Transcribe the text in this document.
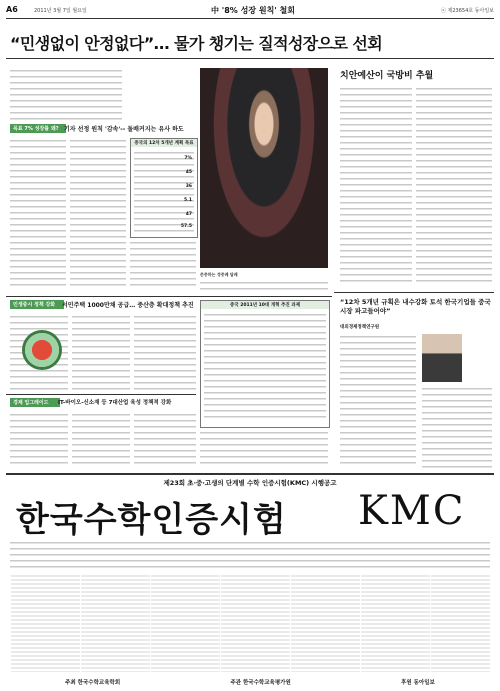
A6	2011년 3월 7일 월요일	中 '8% 성장 원칙' 철회	ⓐ 제23654호 동아일보
“민생없이 안정없다”… 물가 챙기는 질적성장으로 선회
목표 7% 성장률 왜? 기자 선정 원칙 '감속'-- 돌배커지는 유사 하도
중국의 12차 5개년 계획 목표
7%
45
36
5.1
47
57.5
존중하는 정중례 답례
치안예산이 국방비 추월
민생중시 정책 강화	서민주택 1000만채 공급… 중산층 확대정책 추진	중국 2011년 10대 개혁 추진 과제
경제 업그레이드	IT-바이오-신소재 등 7대산업 육성 정책적 강화
“12차 5개년 규획은 내수강화 토석 한국기업들 중국시장 파고들어야”
대외경제정책연구원
제23회 초·중·고생의 단계별 수학 인증시험(KMC) 시행공고
한국수학인증시험 KMC
주최 한국수학교육학회	주관 한국수학교육평가원	후원 동아일보
